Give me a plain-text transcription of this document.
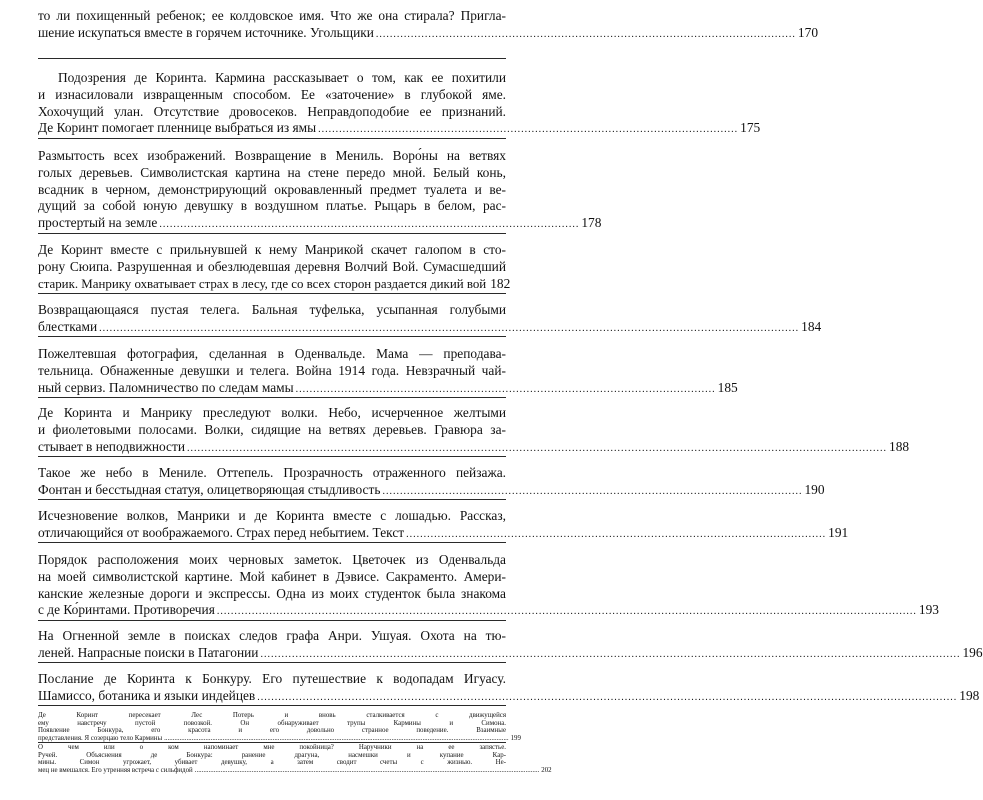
то ли похищенный ребенок; ее колдовское имя. Что же она стирала? Пригла-
шение искупаться вместе в горячем источнике. Угольщики ........................................................................................................................ 170
Подозрения де Коринта. Кармина рассказывает о том, как ее похитили
и изнасиловали извращенным способом. Ее «заточение» в глубокой яме.
Хохочущий улан. Отсутствие дровосеков. Неправдоподобие ее признаний.
Де Коринт помогает пленнице выбраться из ямы ........................................................................................................................ 175
Размытость всех изображений. Возвращение в Мениль. Воро́ны на ветвях
голых деревьев. Символистская картина на стене передо мной. Белый конь,
всадник в черном, демонстрирующий окровавленный предмет туалета и ве-
дущий за собой юную девушку в воздушном платье. Рыцарь в белом, рас-
простертый на земле ........................................................................................................................ 178
Де Коринт вместе с прильнувшей к нему Манрикой скачет галопом в сто-
рону Сюипа. Разрушенная и обезлюдевшая деревня Волчий Вой. Сумасшедший
старик. Манрику охватывает страх в лесу, где со всех сторон раздается дикий вой 182
Возвращающаяся пустая телега. Бальная туфелька, усыпанная голубыми
блестками ........................................................................................................................................................................................................ 184
Пожелтевшая фотография, сделанная в Оденвальде. Мама — преподава-
тельница. Обнаженные девушки и телега. Война 1914 года. Невзрачный чай-
ный сервиз. Паломничество по следам мамы ........................................................................................................................ 185
Де Коринта и Манрику преследуют волки. Небо, исчерченное желтыми
и фиолетовыми полосами. Волки, сидящие на ветвях деревьев. Гравюра за-
стывает в неподвижности ........................................................................................................................................................................................................ 188
Такое же небо в Мениле. Оттепель. Прозрачность отраженного пейзажа.
Фонтан и бесстыдная статуя, олицетворяющая стыдливость ........................................................................................................................ 190
Исчезновение волков, Манрики и де Коринта вместе с лошадью. Рассказ,
отличающийся от воображаемого. Страх перед небытием. Текст ........................................................................................................................ 191
Порядок расположения моих черновых заметок. Цветочек из Оденвальда
на моей символистской картине. Мой кабинет в Дэвисе. Сакраменто. Амери-
канские железные дороги и экспрессы. Одна из моих студенток была знакома
с де Ко́ринтами. Противоречия ........................................................................................................................................................................................................ 193
На Огненной земле в поисках следов графа Анри. Ушуая. Охота на тю-
леней. Напрасные поиски в Патагонии ........................................................................................................................................................................................................ 196
Послание де Коринта к Бонкуру. Его путешествие к водопадам Игуасу.
Шамиссо, ботаника и языки индейцев ........................................................................................................................................................................................................ 198
Де Коринт пересекает Лес Потерь и вновь сталкивается с движущейся
ему навстречу пустой повозкой. Он обнаруживает трупы Кармины и Симона.
Появление Бонкура, его красота и его довольно странное поведение. Взаимные
представления. Я созерцаю тело Кармины ........................................................................................................................................................................................................ 199
О чем или о ком напоминает мне покойница? Наручники на ее запястье.
Ручей. Объяснения де Бонкура: ранение драгуна, насмешки и купание Кар-
мины. Симон угрожает, убивает девушку, а затем сводит счеты с жизнью. Не-
мец не вмешался. Его утренняя встреча с сильфидой ........................................................................................................................................................................................................ 202
